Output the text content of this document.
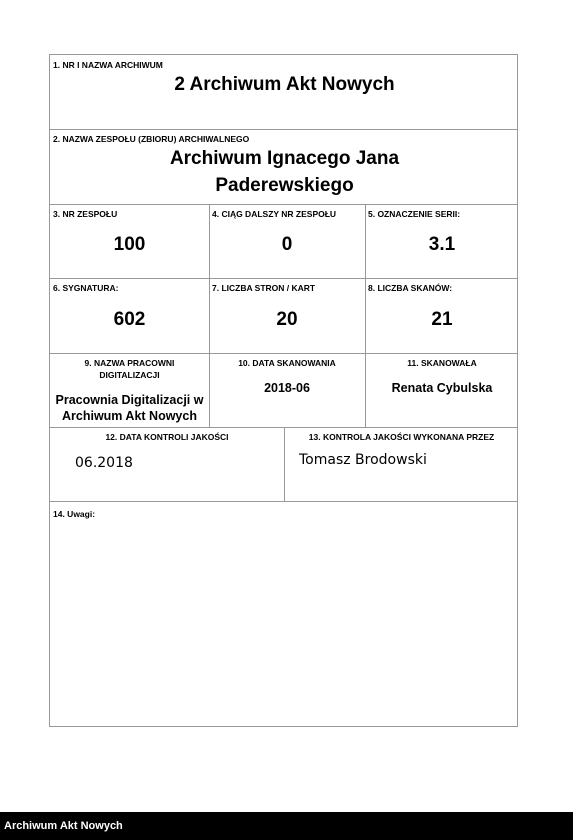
1. NR I NAZWA ARCHIWUM
2 Archiwum Akt Nowych
2. NAZWA ZESPOŁU (ZBIORU) ARCHIWALNEGO
Archiwum Ignacego Jana
Paderewskiego
3. NR ZESPOŁU
100
4. CIĄG DALSZY NR ZESPOŁU
0
5. OZNACZENIE SERII:
3.1
6. SYGNATURA:
602
7. LICZBA STRON / KART
20
8. LICZBA SKANÓW:
21
9. NAZWA PRACOWNI
DIGITALIZACJI
Pracownia Digitalizacji w
Archiwum Akt Nowych
10. DATA SKANOWANIA
2018-06
11. SKANOWAŁA
Renata Cybulska
12. DATA KONTROLI JAKOŚCI
06.2018
13. KONTROLA JAKOŚCI WYKONANA PRZEZ
Tomasz Brodowski
14. Uwagi:
Archiwum Akt Nowych
